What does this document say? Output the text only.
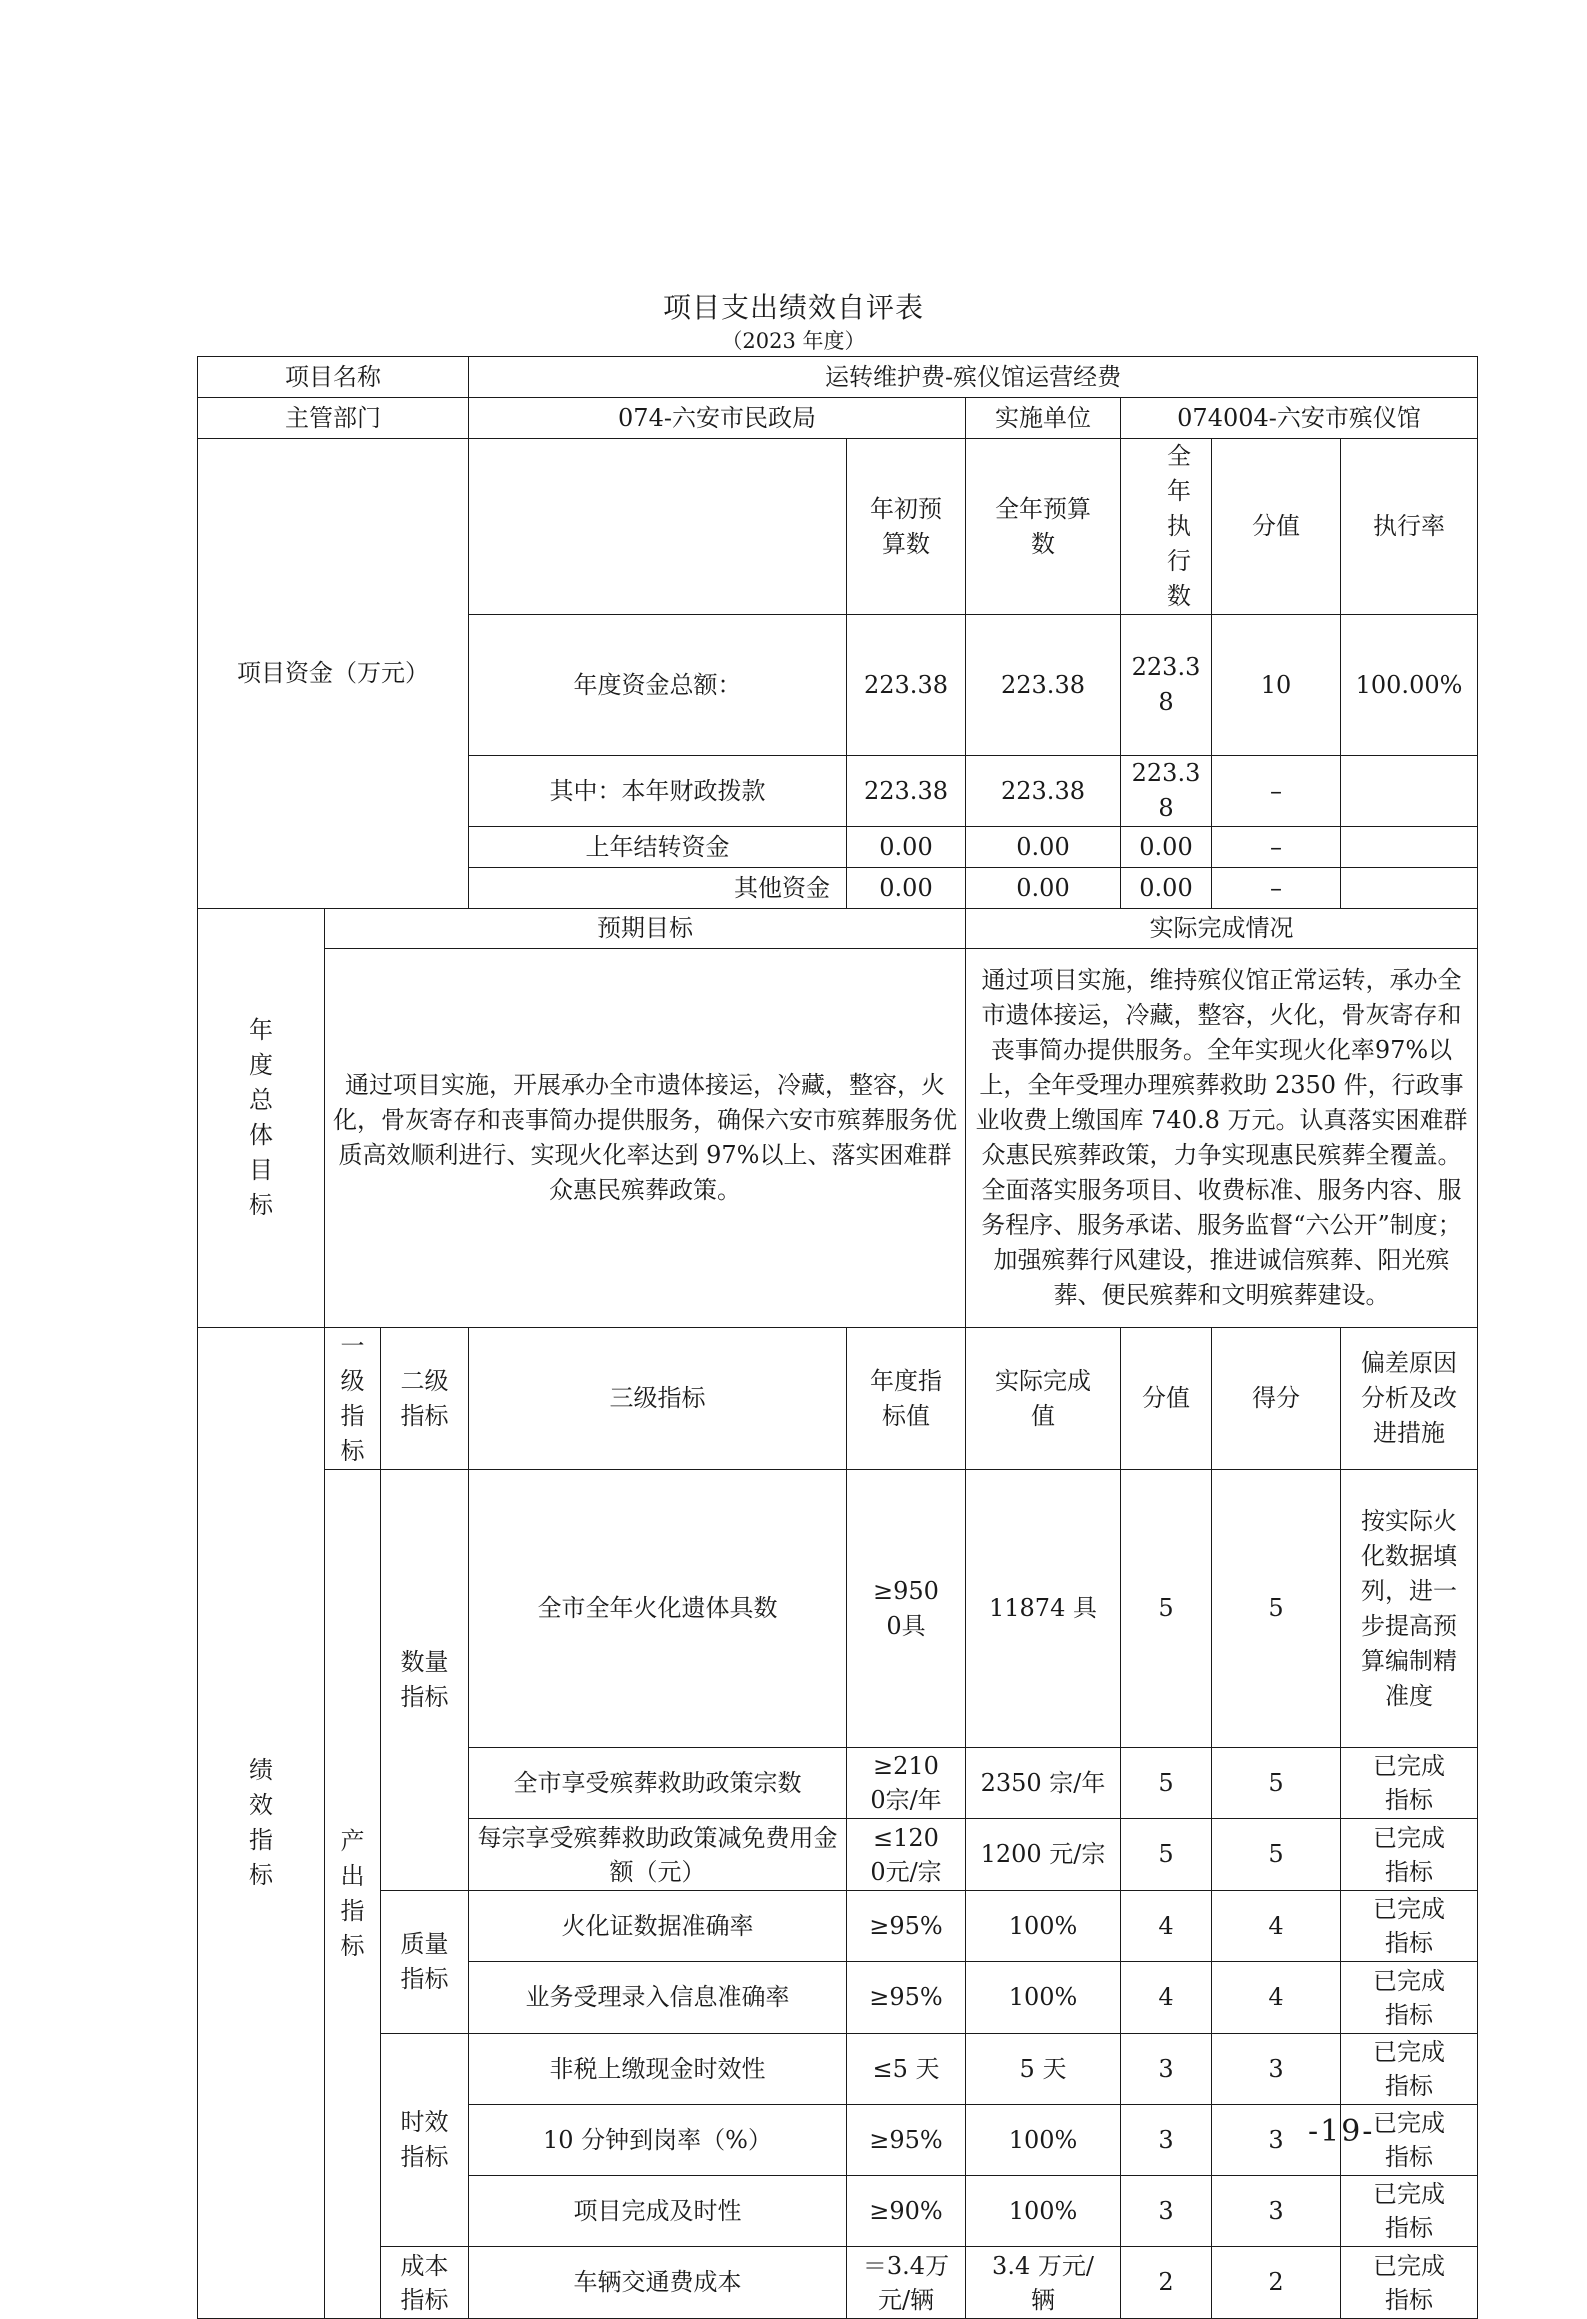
项目支出绩效自评表
（2023 年度）
项目名称			运转维护费-殡仪馆运营经费						
主管部门			074-六安市民政局		实施单位	074004-六安市殡仪馆			
项目资金（万元）				年初预算数	全年预算数	全年执行数	分值	执行率	
			年度资金总额：	223.38	223.38	223.38	10	100.00%	
			其中：本年财政拨款	223.38	223.38	223.38	–		
			上年结转资金	0.00	0.00	0.00	–		
			其他资金	0.00	0.00	0.00	–		
年度总体目标	预期目标				实际完成情况				
	通过项目实施，开展承办全市遗体接运，冷藏，整容，火化，骨灰寄存和丧事简办提供服务，确保六安市殡葬服务优质高效顺利进行、实现火化率达到 97%以上、落实困难群众惠民殡葬政策。				通过项目实施，维持殡仪馆正常运转，承办全市遗体接运，冷藏，整容，火化，骨灰寄存和丧事简办提供服务。全年实现火化率97%以上，全年受理办理殡葬救助 2350 件，行政事业收费上缴国库 740.8 万元。认真落实困难群众惠民殡葬政策，力争实现惠民殡葬全覆盖。全面落实服务项目、收费标准、服务内容、服务程序、服务承诺、服务监督“六公开”制度；加强殡葬行风建设，推进诚信殡葬、阳光殡葬、便民殡葬和文明殡葬建设。				
绩效指标	一级指标	二级指标	三级指标	年度指标值	实际完成值	分值	得分	偏差原因分析及改进措施	
	产出指标	数量指标	全市全年火化遗体具数	≥9500具	11874 具	5	5	按实际火化数据填列，进一步提高预算编制精准度	
			全市享受殡葬救助政策宗数	≥2100宗/年	2350 宗/年	5	5	已完成指标	
			每宗享受殡葬救助政策减免费用金额（元）	≤1200元/宗	1200 元/宗	5	5	已完成指标	
		质量指标	火化证数据准确率	≥95%	100%	4	4	已完成指标	
			业务受理录入信息准确率	≥95%	100%	4	4	已完成指标	
		时效指标	非税上缴现金时效性	≤5 天	5 天	3	3	已完成指标	
			10 分钟到岗率（%）	≥95%	100%	3	3	已完成指标	
			项目完成及时性	≥90%	100%	3	3	已完成指标	
		成本指标	车辆交通费成本	＝3.4万元/辆	3.4 万元/辆	2	2	已完成指标	
-19-
